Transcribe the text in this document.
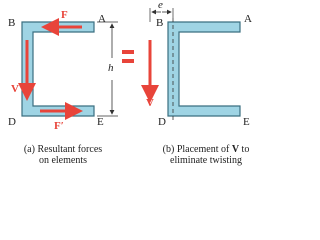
B	A
D	E
F
V
F′
V
h
e
B	A
D	E
(a) Resultant forces
on elements
(b) Placement of V to
eliminate twisting
